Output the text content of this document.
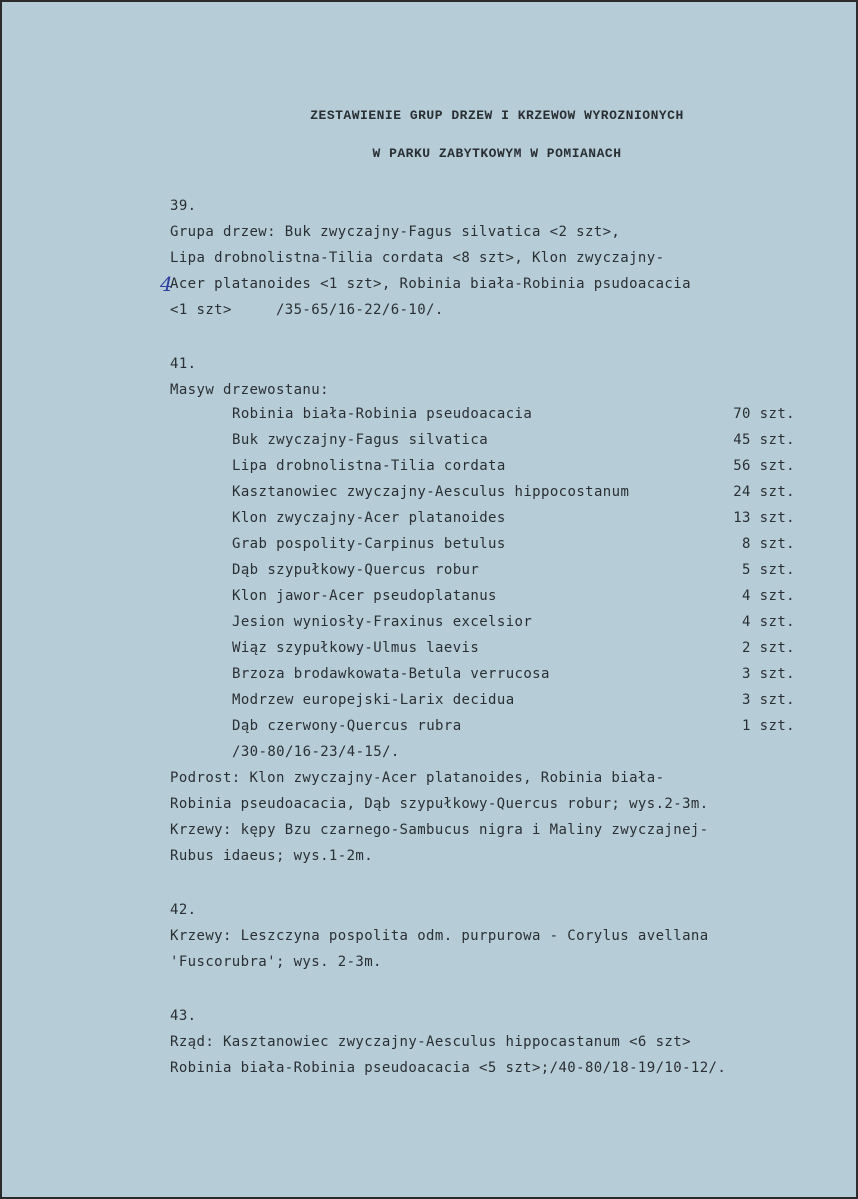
ZESTAWIENIE GRUP DRZEW I KRZEWOW WYROZNIONYCH
W PARKU ZABYTKOWYM W POMIANACH
39.
Grupa drzew: Buk zwyczajny-Fagus silvatica <2 szt>,
Lipa drobnolistna-Tilia cordata <8 szt>, Klon zwyczajny-
Acer platanoides <1 szt>, Robinia biała-Robinia psudoacacia
4
<1 szt>     /35-65/16-22/6-10/.
41.
Masyw drzewostanu:
Robinia biała-Robinia pseudoacacia	70 szt.
Buk zwyczajny-Fagus silvatica	45 szt.
Lipa drobnolistna-Tilia cordata	56 szt.
Kasztanowiec zwyczajny-Aesculus hippocostanum	24 szt.
Klon zwyczajny-Acer platanoides	13 szt.
Grab pospolity-Carpinus betulus	8 szt.
Dąb szypułkowy-Quercus robur	5 szt.
Klon jawor-Acer pseudoplatanus	4 szt.
Jesion wyniosły-Fraxinus excelsior	4 szt.
Wiąz szypułkowy-Ulmus laevis	2 szt.
Brzoza brodawkowata-Betula verrucosa	3 szt.
Modrzew europejski-Larix decidua	3 szt.
Dąb czerwony-Quercus rubra	1 szt.
/30-80/16-23/4-15/.
Podrost: Klon zwyczajny-Acer platanoides, Robinia biała-
Robinia pseudoacacia, Dąb szypułkowy-Quercus robur; wys.2-3m.
Krzewy: kępy Bzu czarnego-Sambucus nigra i Maliny zwyczajnej-
Rubus idaeus; wys.1-2m.
42.
Krzewy: Leszczyna pospolita odm. purpurowa - Corylus avellana
'Fuscorubra'; wys. 2-3m.
43.
Rząd: Kasztanowiec zwyczajny-Aesculus hippocastanum <6 szt>
Robinia biała-Robinia pseudoacacia <5 szt>;/40-80/18-19/10-12/.
